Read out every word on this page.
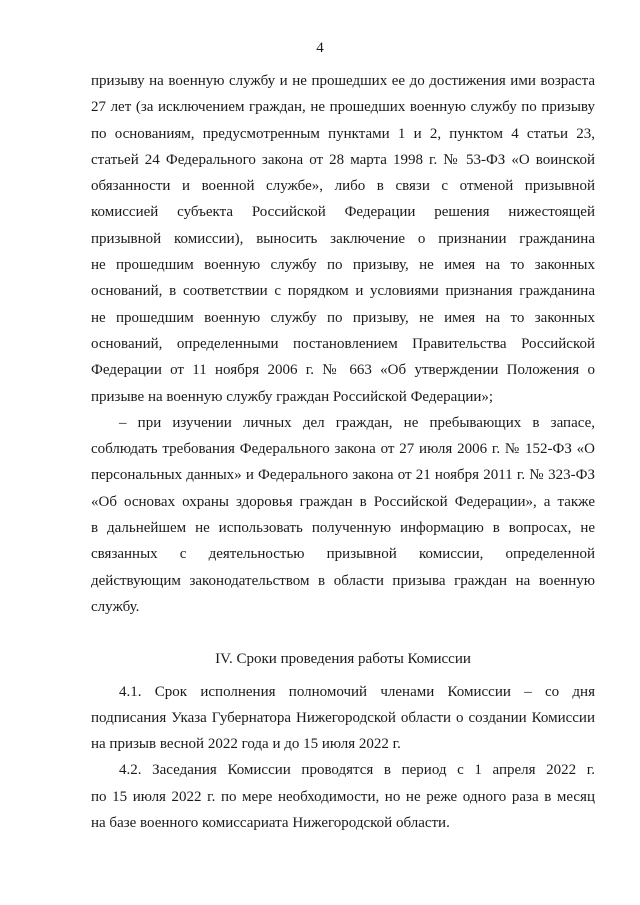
4
призыву на военную службу и не прошедших ее до достижения ими возраста
27 лет (за исключением граждан, не прошедших военную службу по призыву
по основаниям, предусмотренным пунктами 1 и 2, пунктом 4 статьи 23,
статьей 24 Федерального закона от 28 марта 1998 г. № 53-ФЗ «О воинской
обязанности и военной службе», либо в связи с отменой призывной
комиссией субъекта Российской Федерации решения нижестоящей
призывной комиссии), выносить заключение о признании гражданина
не прошедшим военную службу по призыву, не имея на то законных
оснований, в соответствии с порядком и условиями признания гражданина
не прошедшим военную службу по призыву, не имея на то законных
оснований, определенными постановлением Правительства Российской
Федерации от 11 ноября 2006 г. № 663 «Об утверждении Положения о
призыве на военную службу граждан Российской Федерации»;
– при изучении личных дел граждан, не пребывающих в запасе,
соблюдать требования Федерального закона от 27 июля 2006 г. № 152-ФЗ «О
персональных данных» и Федерального закона от 21 ноября 2011 г. № 323-ФЗ
«Об основах охраны здоровья граждан в Российской Федерации», а также
в дальнейшем не использовать полученную информацию в вопросах, не
связанных с деятельностью призывной комиссии, определенной
действующим законодательством в области призыва граждан на военную
службу.
IV. Сроки проведения работы Комиссии
4.1. Срок исполнения полномочий членами Комиссии – со дня
подписания Указа Губернатора Нижегородской области о создании Комиссии
на призыв весной 2022 года и до 15 июля 2022 г.
4.2. Заседания Комиссии проводятся в период с 1 апреля 2022 г.
по 15 июля 2022 г. по мере необходимости, но не реже одного раза в месяц
на базе военного комиссариата Нижегородской области.
